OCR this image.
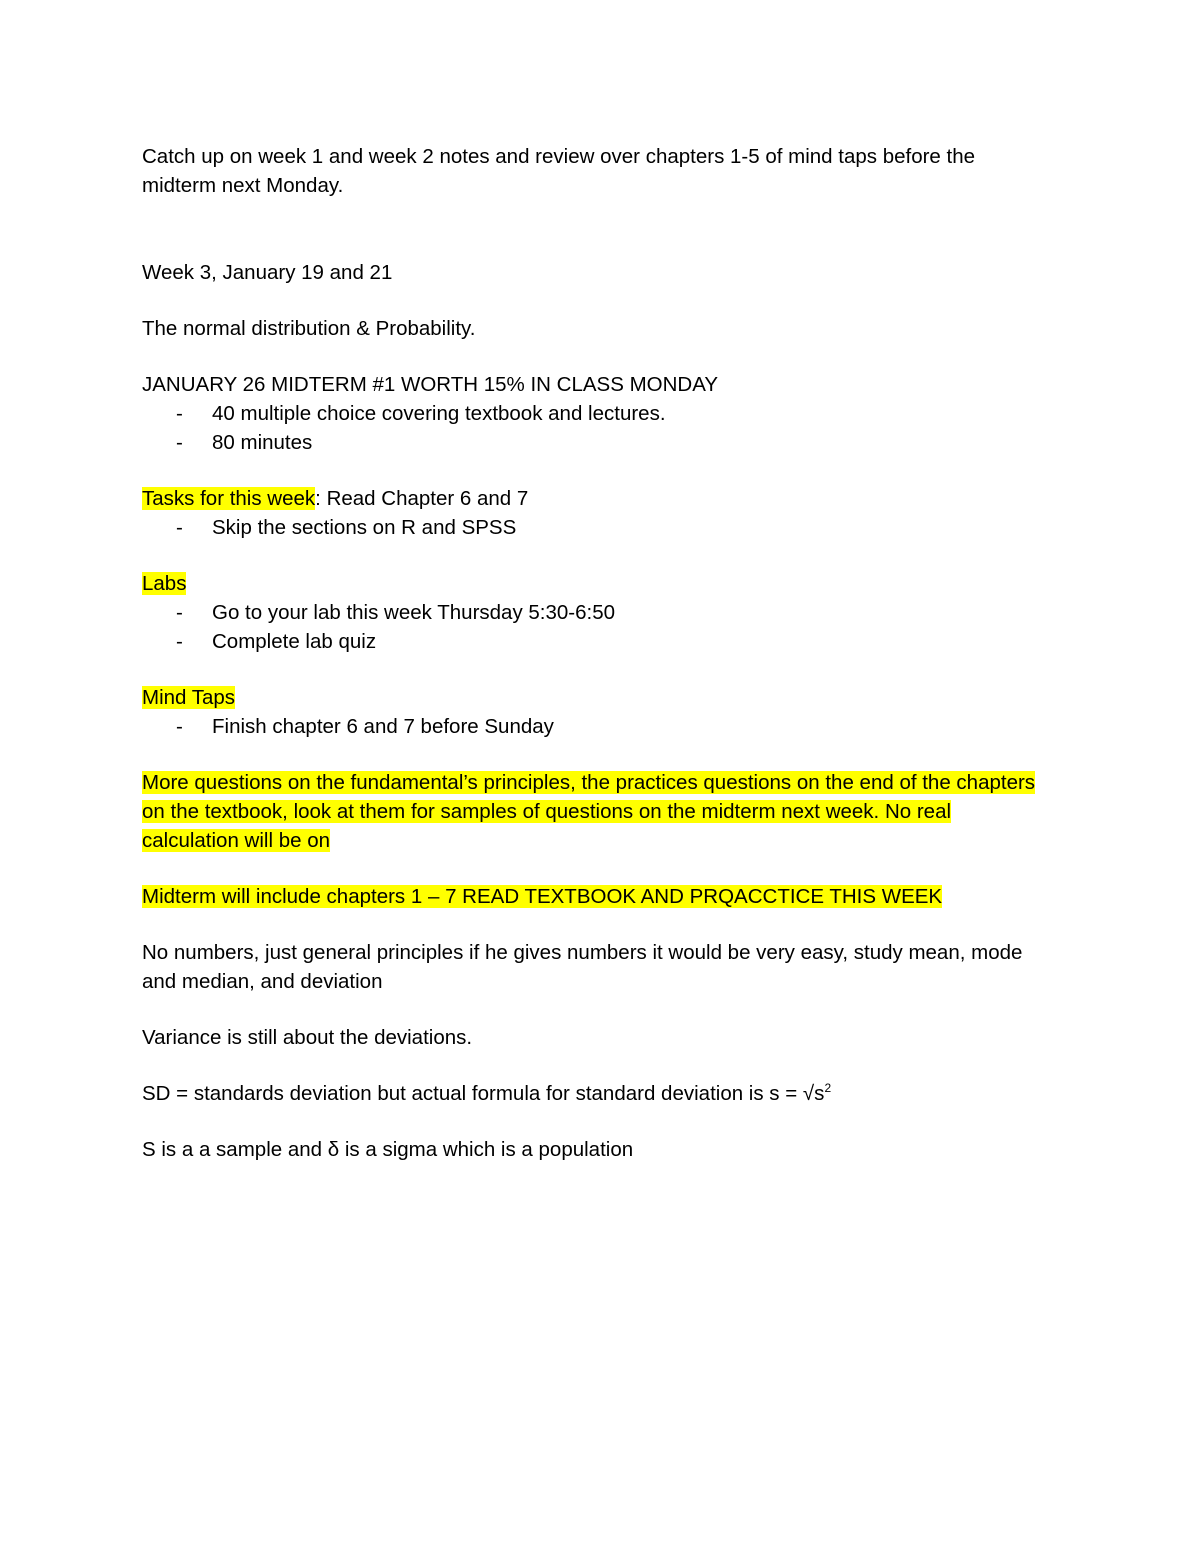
Catch up on week 1 and week 2 notes and review over chapters 1-5 of mind taps before the midterm next Monday.

Week 3, January 19 and 21

The normal distribution & Probability.

JANUARY 26 MIDTERM #1 WORTH 15% IN CLASS MONDAY

- 40 multiple choice covering textbook and lectures.
- 80 minutes

Tasks for this week: Read Chapter 6 and 7

- Skip the sections on R and SPSS

Labs

- Go to your lab this week Thursday 5:30-6:50
- Complete lab quiz

Mind Taps

- Finish chapter 6 and 7 before Sunday

More questions on the fundamental’s principles, the practices questions on the end of the chapters on the textbook, look at them for samples of questions on the midterm next week. No real calculation will be on

Midterm will include chapters 1 – 7 READ TEXTBOOK AND PRQACCTICE THIS WEEK

No numbers, just general principles if he gives numbers it would be very easy, study mean, mode and median, and deviation

Variance is still about the deviations.

SD = standards deviation but actual formula for standard deviation is $s = √s^2$

S is a a sample and δ is a sigma which is a population
